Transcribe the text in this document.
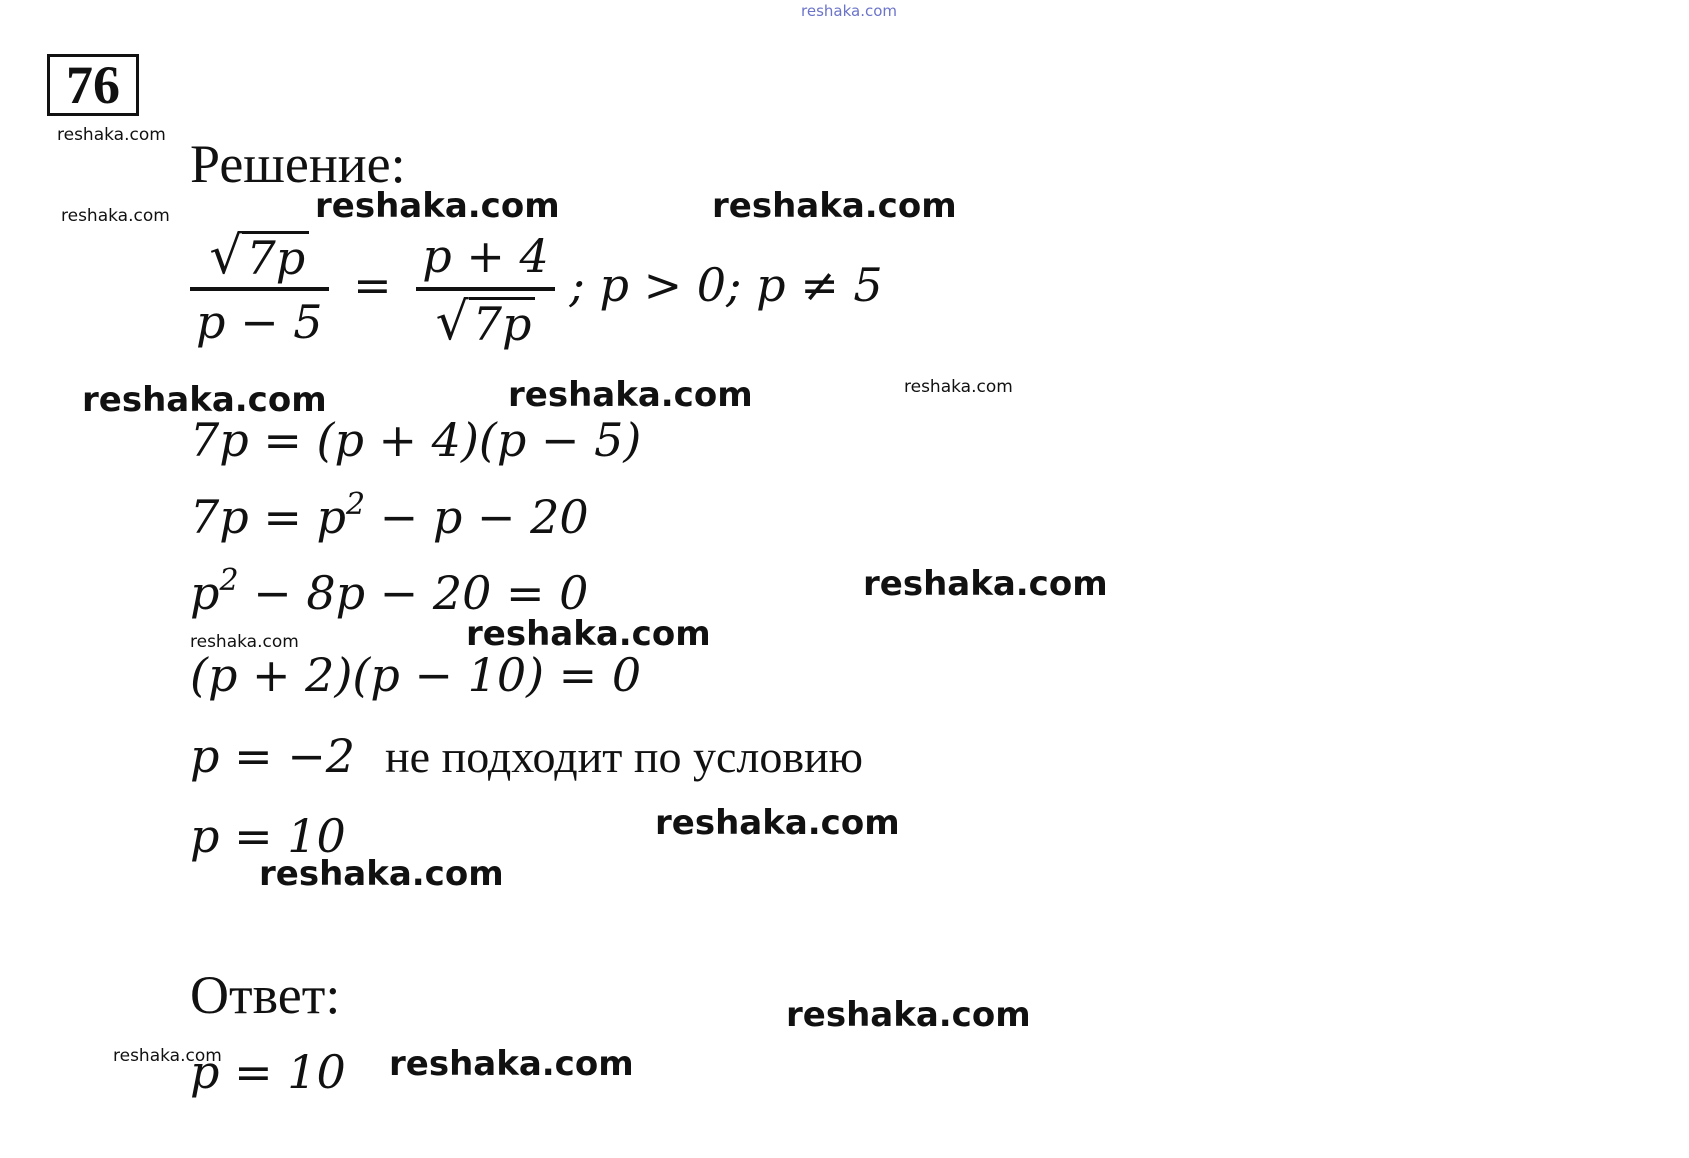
reshaka.com
76
Решение:
$\frac{√ 7p}{p - 5} = \frac{p + 4}{√ 7p}$ ; p > 0; p ≠ 5
7p = (p + 4)(p − 5)
$7p = p^2 - p - 20$
$p^2 - 8p - 20 = 0$
(p + 2)(p − 10) = 0
p = −2 не подходит по условию
p = 10
Ответ:
p = 10
reshaka.com
reshaka.com	reshaka.com	reshaka.com
reshaka.com	reshaka.com	reshaka.com
reshaka.com
reshaka.com	reshaka.com
reshaka.com
reshaka.com
reshaka.com
reshaka.com	reshaka.com
